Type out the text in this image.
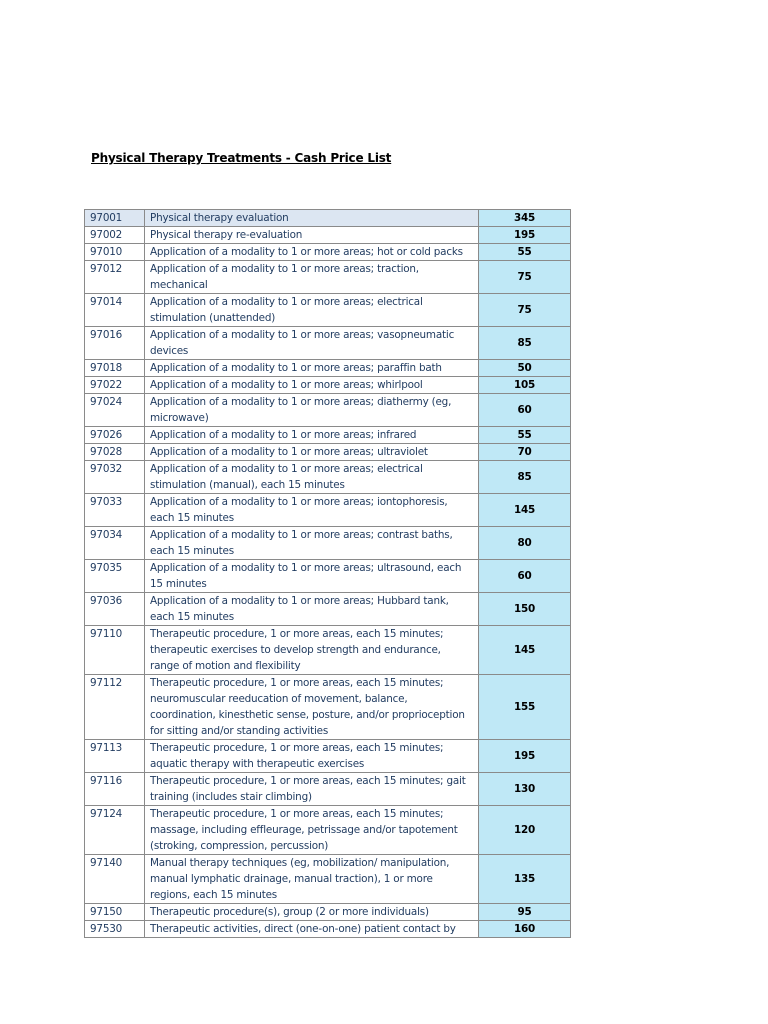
Physical Therapy Treatments - Cash Price List
97001	Physical therapy evaluation	345
97002	Physical therapy re-evaluation	195
97010	Application of a modality to 1 or more areas; hot or cold packs	55
97012	Application of a modality to 1 or more areas; traction, mechanical	75
97014	Application of a modality to 1 or more areas; electrical stimulation (unattended)	75
97016	Application of a modality to 1 or more areas; vasopneumatic devices	85
97018	Application of a modality to 1 or more areas; paraffin bath	50
97022	Application of a modality to 1 or more areas; whirlpool	105
97024	Application of a modality to 1 or more areas; diathermy (eg, microwave)	60
97026	Application of a modality to 1 or more areas; infrared	55
97028	Application of a modality to 1 or more areas; ultraviolet	70
97032	Application of a modality to 1 or more areas; electrical stimulation (manual), each 15 minutes	85
97033	Application of a modality to 1 or more areas; iontophoresis, each 15 minutes	145
97034	Application of a modality to 1 or more areas; contrast baths, each 15 minutes	80
97035	Application of a modality to 1 or more areas; ultrasound, each 15 minutes	60
97036	Application of a modality to 1 or more areas; Hubbard tank, each 15 minutes	150
97110	Therapeutic procedure, 1 or more areas, each 15 minutes; therapeutic exercises to develop strength and endurance, range of motion and flexibility	145
97112	Therapeutic procedure, 1 or more areas, each 15 minutes; neuromuscular reeducation of movement, balance, coordination, kinesthetic sense, posture, and/or proprioception for sitting and/or standing activities	155
97113	Therapeutic procedure, 1 or more areas, each 15 minutes; aquatic therapy with therapeutic exercises	195
97116	Therapeutic procedure, 1 or more areas, each 15 minutes; gait training (includes stair climbing)	130
97124	Therapeutic procedure, 1 or more areas, each 15 minutes; massage, including effleurage, petrissage and/or tapotement (stroking, compression, percussion)	120
97140	Manual therapy techniques (eg, mobilization/ manipulation, manual lymphatic drainage, manual traction), 1 or more regions, each 15 minutes	135
97150	Therapeutic procedure(s), group (2 or more individuals)	95
97530	Therapeutic activities, direct (one-on-one) patient contact by	160
